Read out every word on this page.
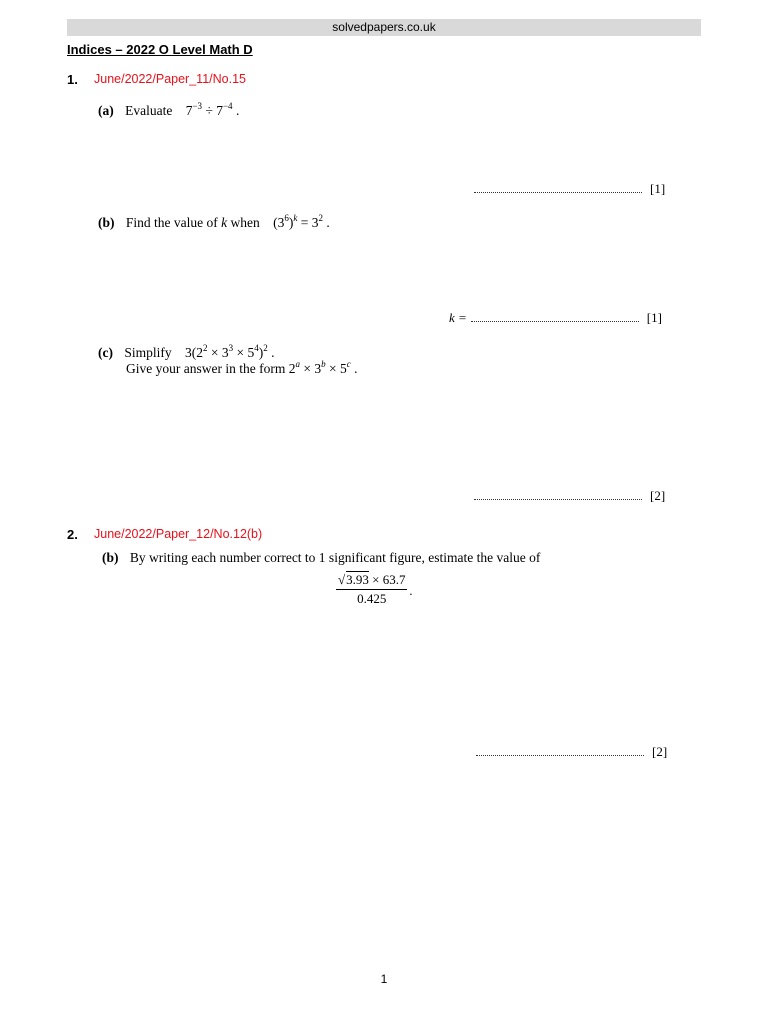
solvedpapers.co.uk
Indices – 2022 O Level Math D
1. June/2022/Paper_11/No.15
(a) Evaluate $7^{-3} \div 7^{-4}$ .
[1]
(b) Find the value of k when $(3^6)^k = 3^2$ .
k =	[1]
(c) Simplify $3(2^2 \times 3^3 \times 5^4)^2$ .
Give your answer in the form $2^a \times 3^b \times 5^c$ .
[2]
2. June/2022/Paper_12/No.12(b)
(b) By writing each number correct to 1 significant figure, estimate the value of
√3.93 × 63.7
0.425
.
[2]
1
